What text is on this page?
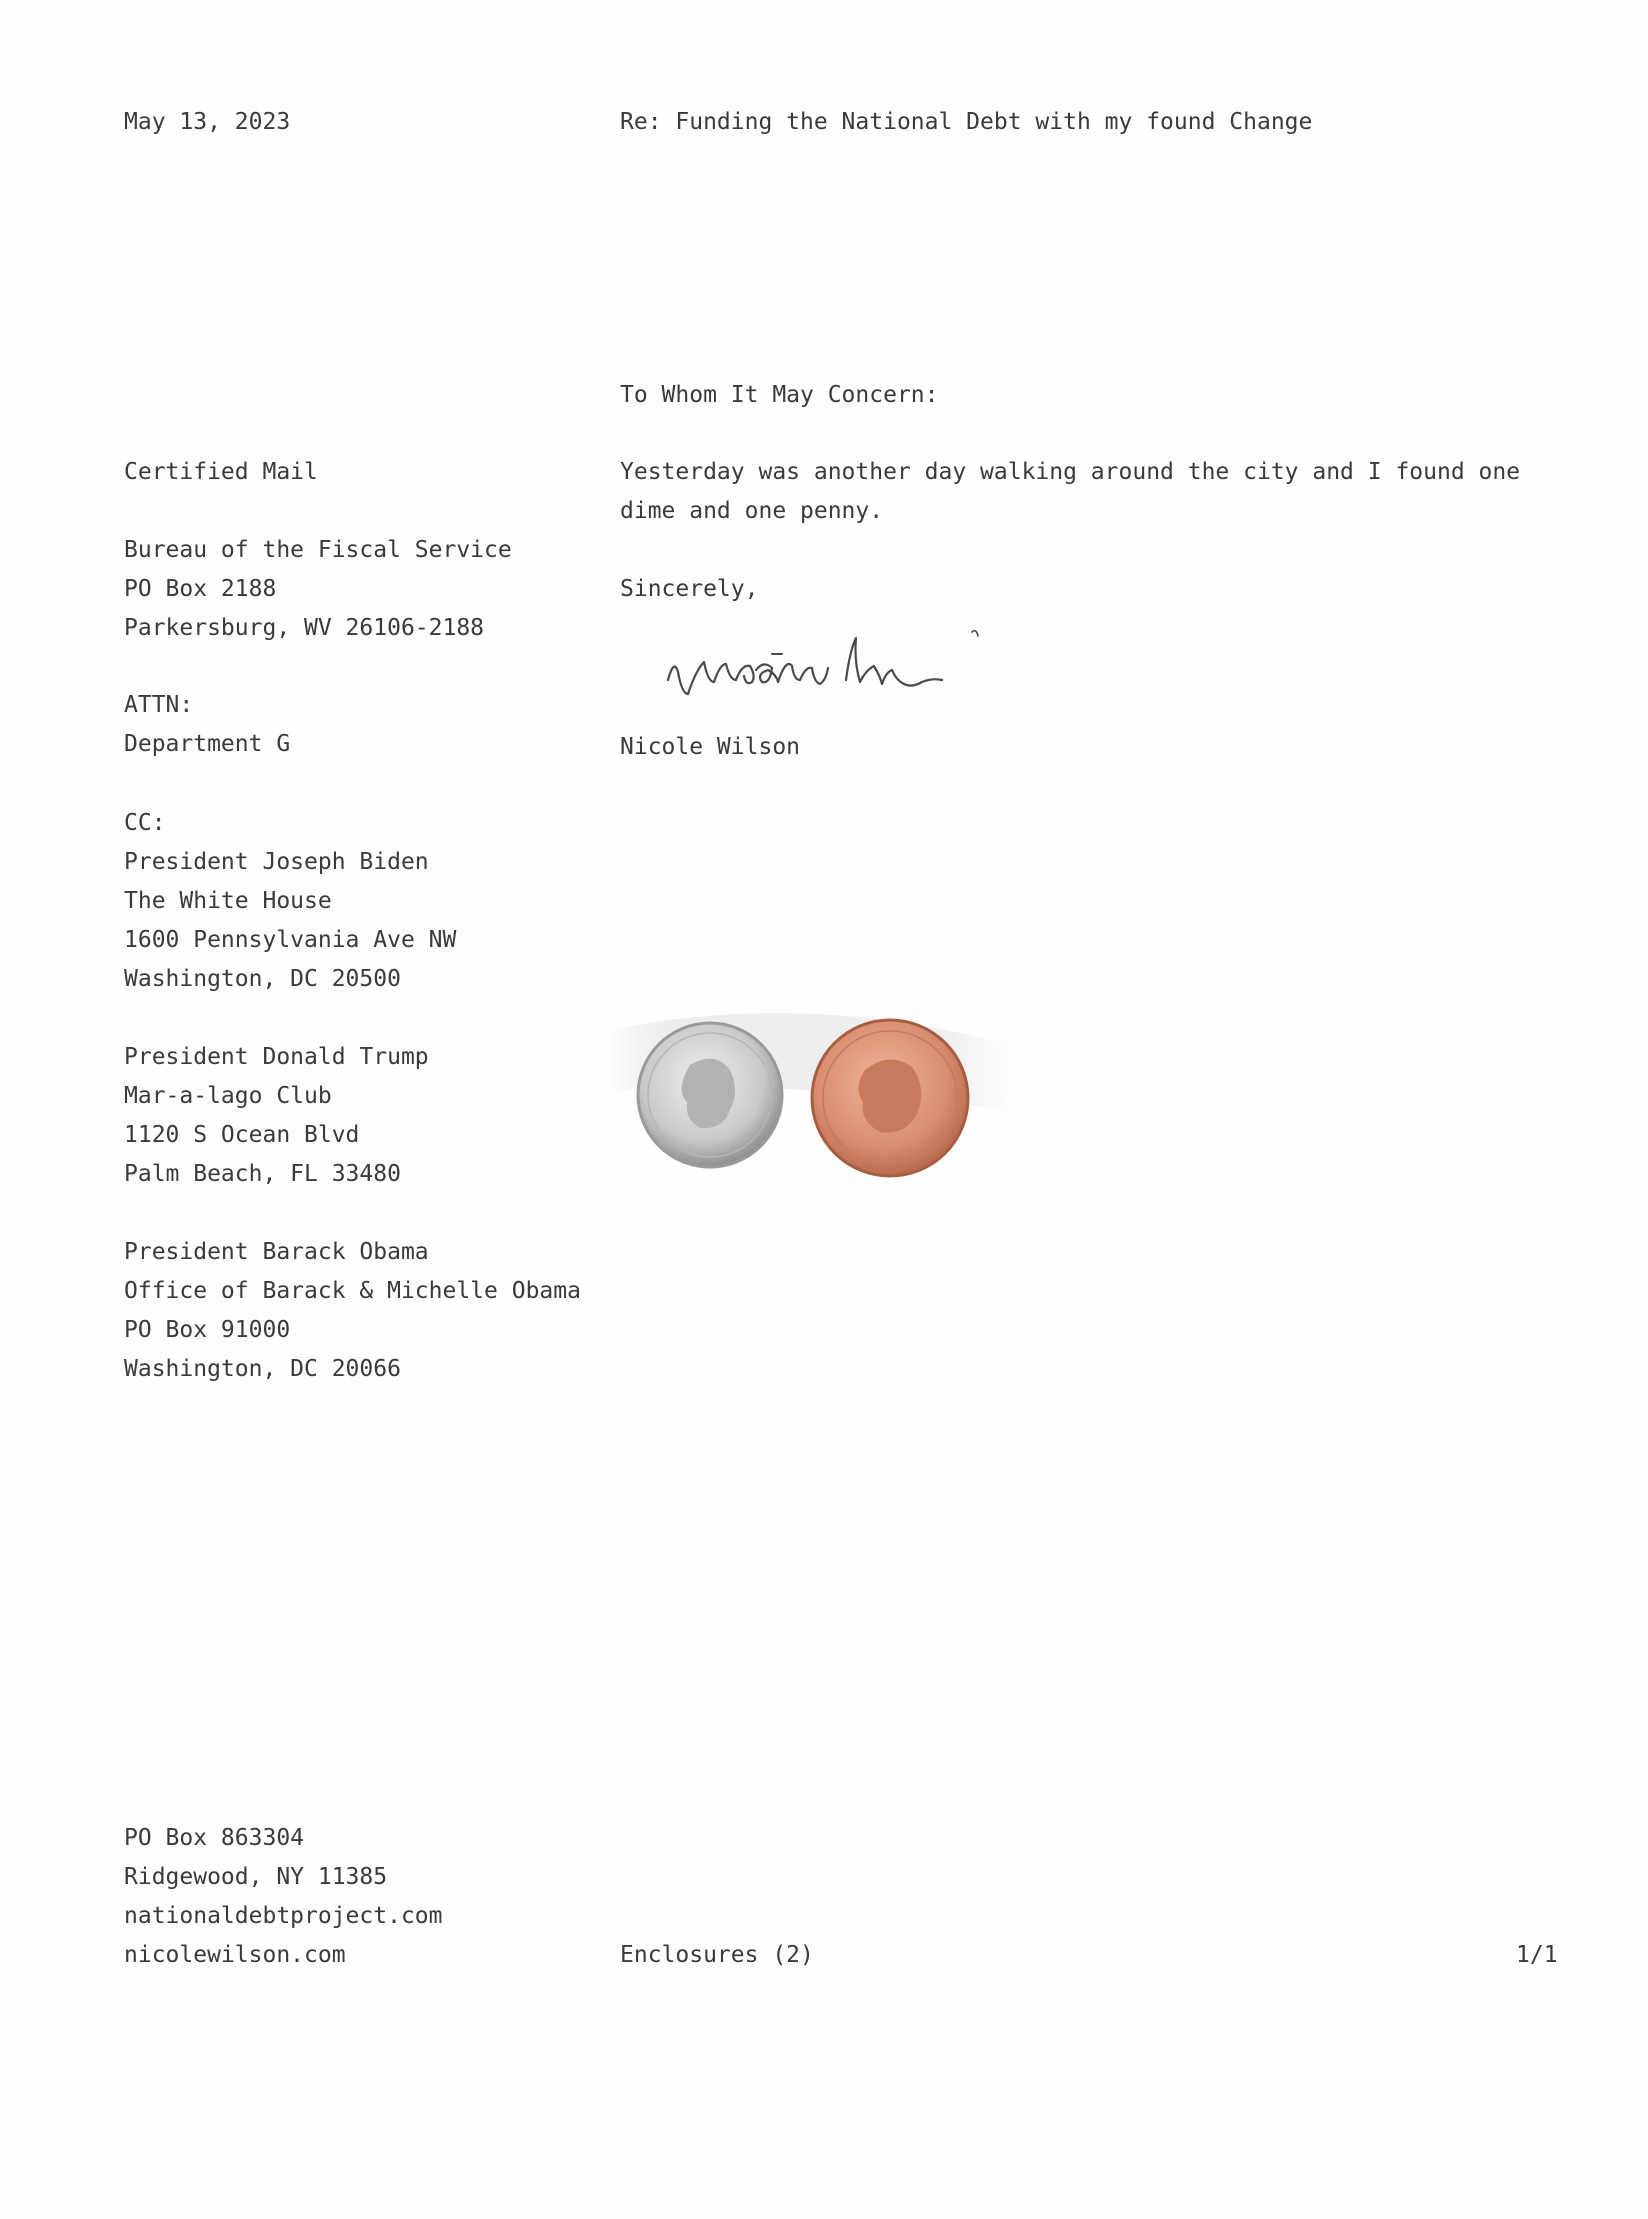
May 13, 2023	Re: Funding the National Debt with my found Change
To Whom It May Concern:
Certified Mail	Yesterday was another day walking around the city and I found one
dime and one penny.
Bureau of the Fiscal Service
PO Box 2188
Parkersburg, WV 26106-2188
Sincerely,
ATTN:
Department G	Nicole Wilson
CC:
President Joseph Biden
The White House
1600 Pennsylvania Ave NW
Washington, DC 20500
President Donald Trump
Mar-a-lago Club
1120 S Ocean Blvd
Palm Beach, FL 33480
President Barack Obama
Office of Barack & Michelle Obama
PO Box 91000
Washington, DC 20066
PO Box 863304
Ridgewood, NY 11385
nationaldebtproject.com
nicolewilson.com	Enclosures (2)	1/1
